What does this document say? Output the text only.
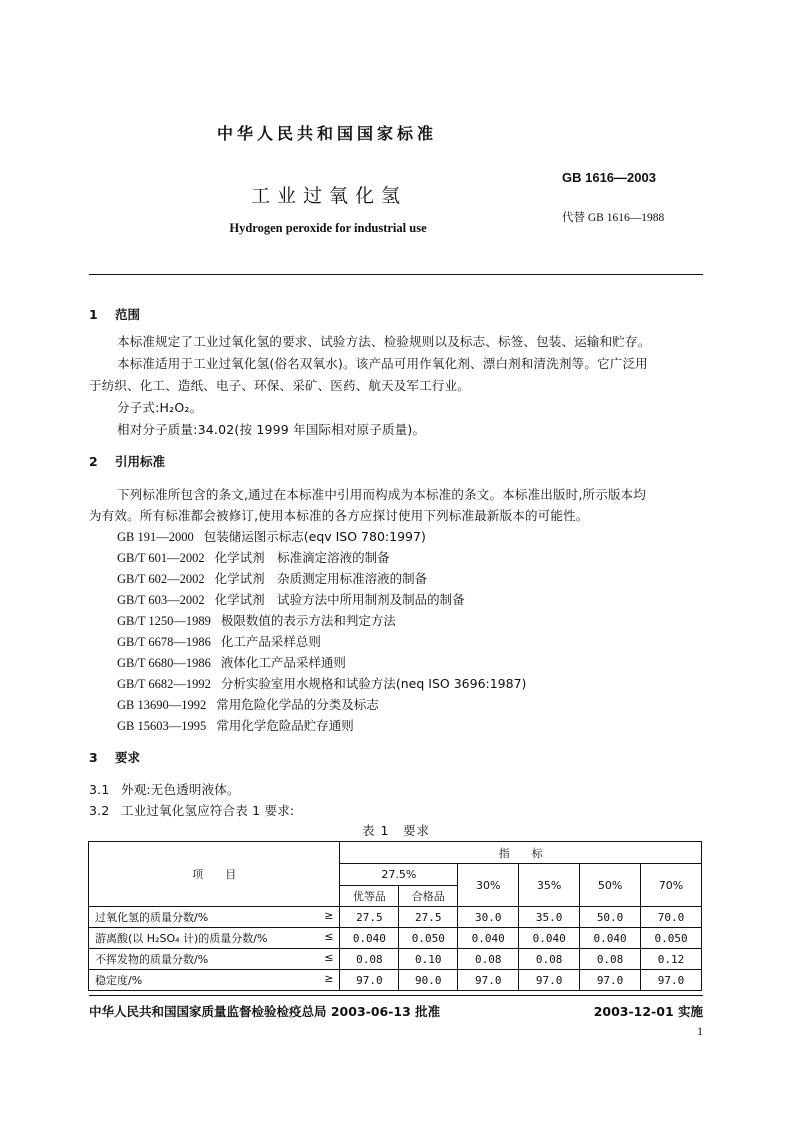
中华人民共和国国家标准
GB 1616—2003
工业过氧化氢
代替 GB 1616—1988
Hydrogen peroxide for industrial use
1 范围
本标准规定了工业过氧化氢的要求、试验方法、检验规则以及标志、标签、包装、运输和贮存。
本标准适用于工业过氧化氢(俗名双氧水)。该产品可用作氧化剂、漂白剂和清洗剂等。它广泛用
于纺织、化工、造纸、电子、环保、采矿、医药、航天及军工行业。
分子式:H₂O₂。
相对分子质量:34.02(按 1999 年国际相对原子质量)。
2 引用标准
下列标准所包含的条文,通过在本标准中引用而构成为本标准的条文。本标准出版时,所示版本均
为有效。所有标准都会被修订,使用本标准的各方应探讨使用下列标准最新版本的可能性。
GB 191—2000 包装储运图示标志(eqv ISO 780:1997)
GB/T 601—2002 化学试剂　标准滴定溶液的制备
GB/T 602—2002 化学试剂　杂质测定用标准溶液的制备
GB/T 603—2002 化学试剂　试验方法中所用制剂及制品的制备
GB/T 1250—1989 极限数值的表示方法和判定方法
GB/T 6678—1986 化工产品采样总则
GB/T 6680—1986 液体化工产品采样通则
GB/T 6682—1992 分析实验室用水规格和试验方法(neq ISO 3696:1987)
GB 13690—1992 常用危险化学品的分类及标志
GB 15603—1995 常用化学危险品贮存通则
3 要求
3.1 外观:无色透明液体。
3.2 工业过氧化氢应符合表 1 要求:
表 1　要求
项　　目	指　　标					
	27.5%		30%	35%	50%	70%
	优等品	合格品				
过氧化氢的质量分数/% ≥	27.5	27.5	30.0	35.0	50.0	70.0
游离酸(以 H₂SO₄ 计)的质量分数/% ≤	0.040	0.050	0.040	0.040	0.040	0.050
不挥发物的质量分数/% ≤	0.08	0.10	0.08	0.08	0.08	0.12
稳定度/% ≥	97.0	90.0	97.0	97.0	97.0	97.0
中华人民共和国国家质量监督检验检疫总局 2003-06-13 批准	2003-12-01 实施
1
